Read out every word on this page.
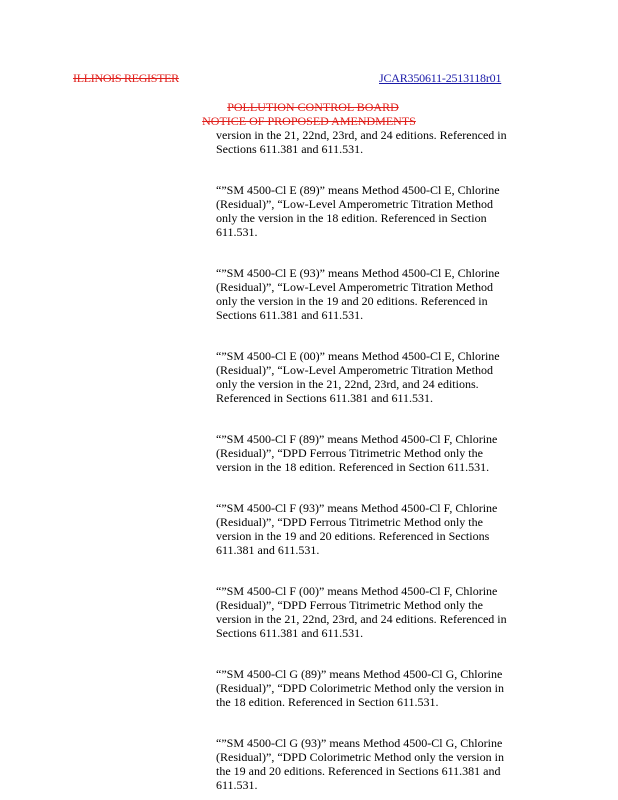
ILLINOIS REGISTER	JCAR350611-2513118r01
POLLUTION CONTROL BOARD
NOTICE OF PROPOSED AMENDMENTS
version in the 21, 22nd, 23rd, and 24 editions. Referenced in
Sections 611.381 and 611.531.
“”SM 4500-Cl E (89)” means Method 4500-Cl E, Chlorine
(Residual)”, “Low-Level Amperometric Titration Method
only the version in the 18 edition. Referenced in Section
611.531.
“”SM 4500-Cl E (93)” means Method 4500-Cl E, Chlorine
(Residual)”, “Low-Level Amperometric Titration Method
only the version in the 19 and 20 editions. Referenced in
Sections 611.381 and 611.531.
“”SM 4500-Cl E (00)” means Method 4500-Cl E, Chlorine
(Residual)”, “Low-Level Amperometric Titration Method
only the version in the 21, 22nd, 23rd, and 24 editions.
Referenced in Sections 611.381 and 611.531.
“”SM 4500-Cl F (89)” means Method 4500-Cl F, Chlorine
(Residual)”, “DPD Ferrous Titrimetric Method only the
version in the 18 edition. Referenced in Section 611.531.
“”SM 4500-Cl F (93)” means Method 4500-Cl F, Chlorine
(Residual)”, “DPD Ferrous Titrimetric Method only the
version in the 19 and 20 editions. Referenced in Sections
611.381 and 611.531.
“”SM 4500-Cl F (00)” means Method 4500-Cl F, Chlorine
(Residual)”, “DPD Ferrous Titrimetric Method only the
version in the 21, 22nd, 23rd, and 24 editions. Referenced in
Sections 611.381 and 611.531.
“”SM 4500-Cl G (89)” means Method 4500-Cl G, Chlorine
(Residual)”, “DPD Colorimetric Method only the version in
the 18 edition. Referenced in Section 611.531.
“”SM 4500-Cl G (93)” means Method 4500-Cl G, Chlorine
(Residual)”, “DPD Colorimetric Method only the version in
the 19 and 20 editions. Referenced in Sections 611.381 and
611.531.
